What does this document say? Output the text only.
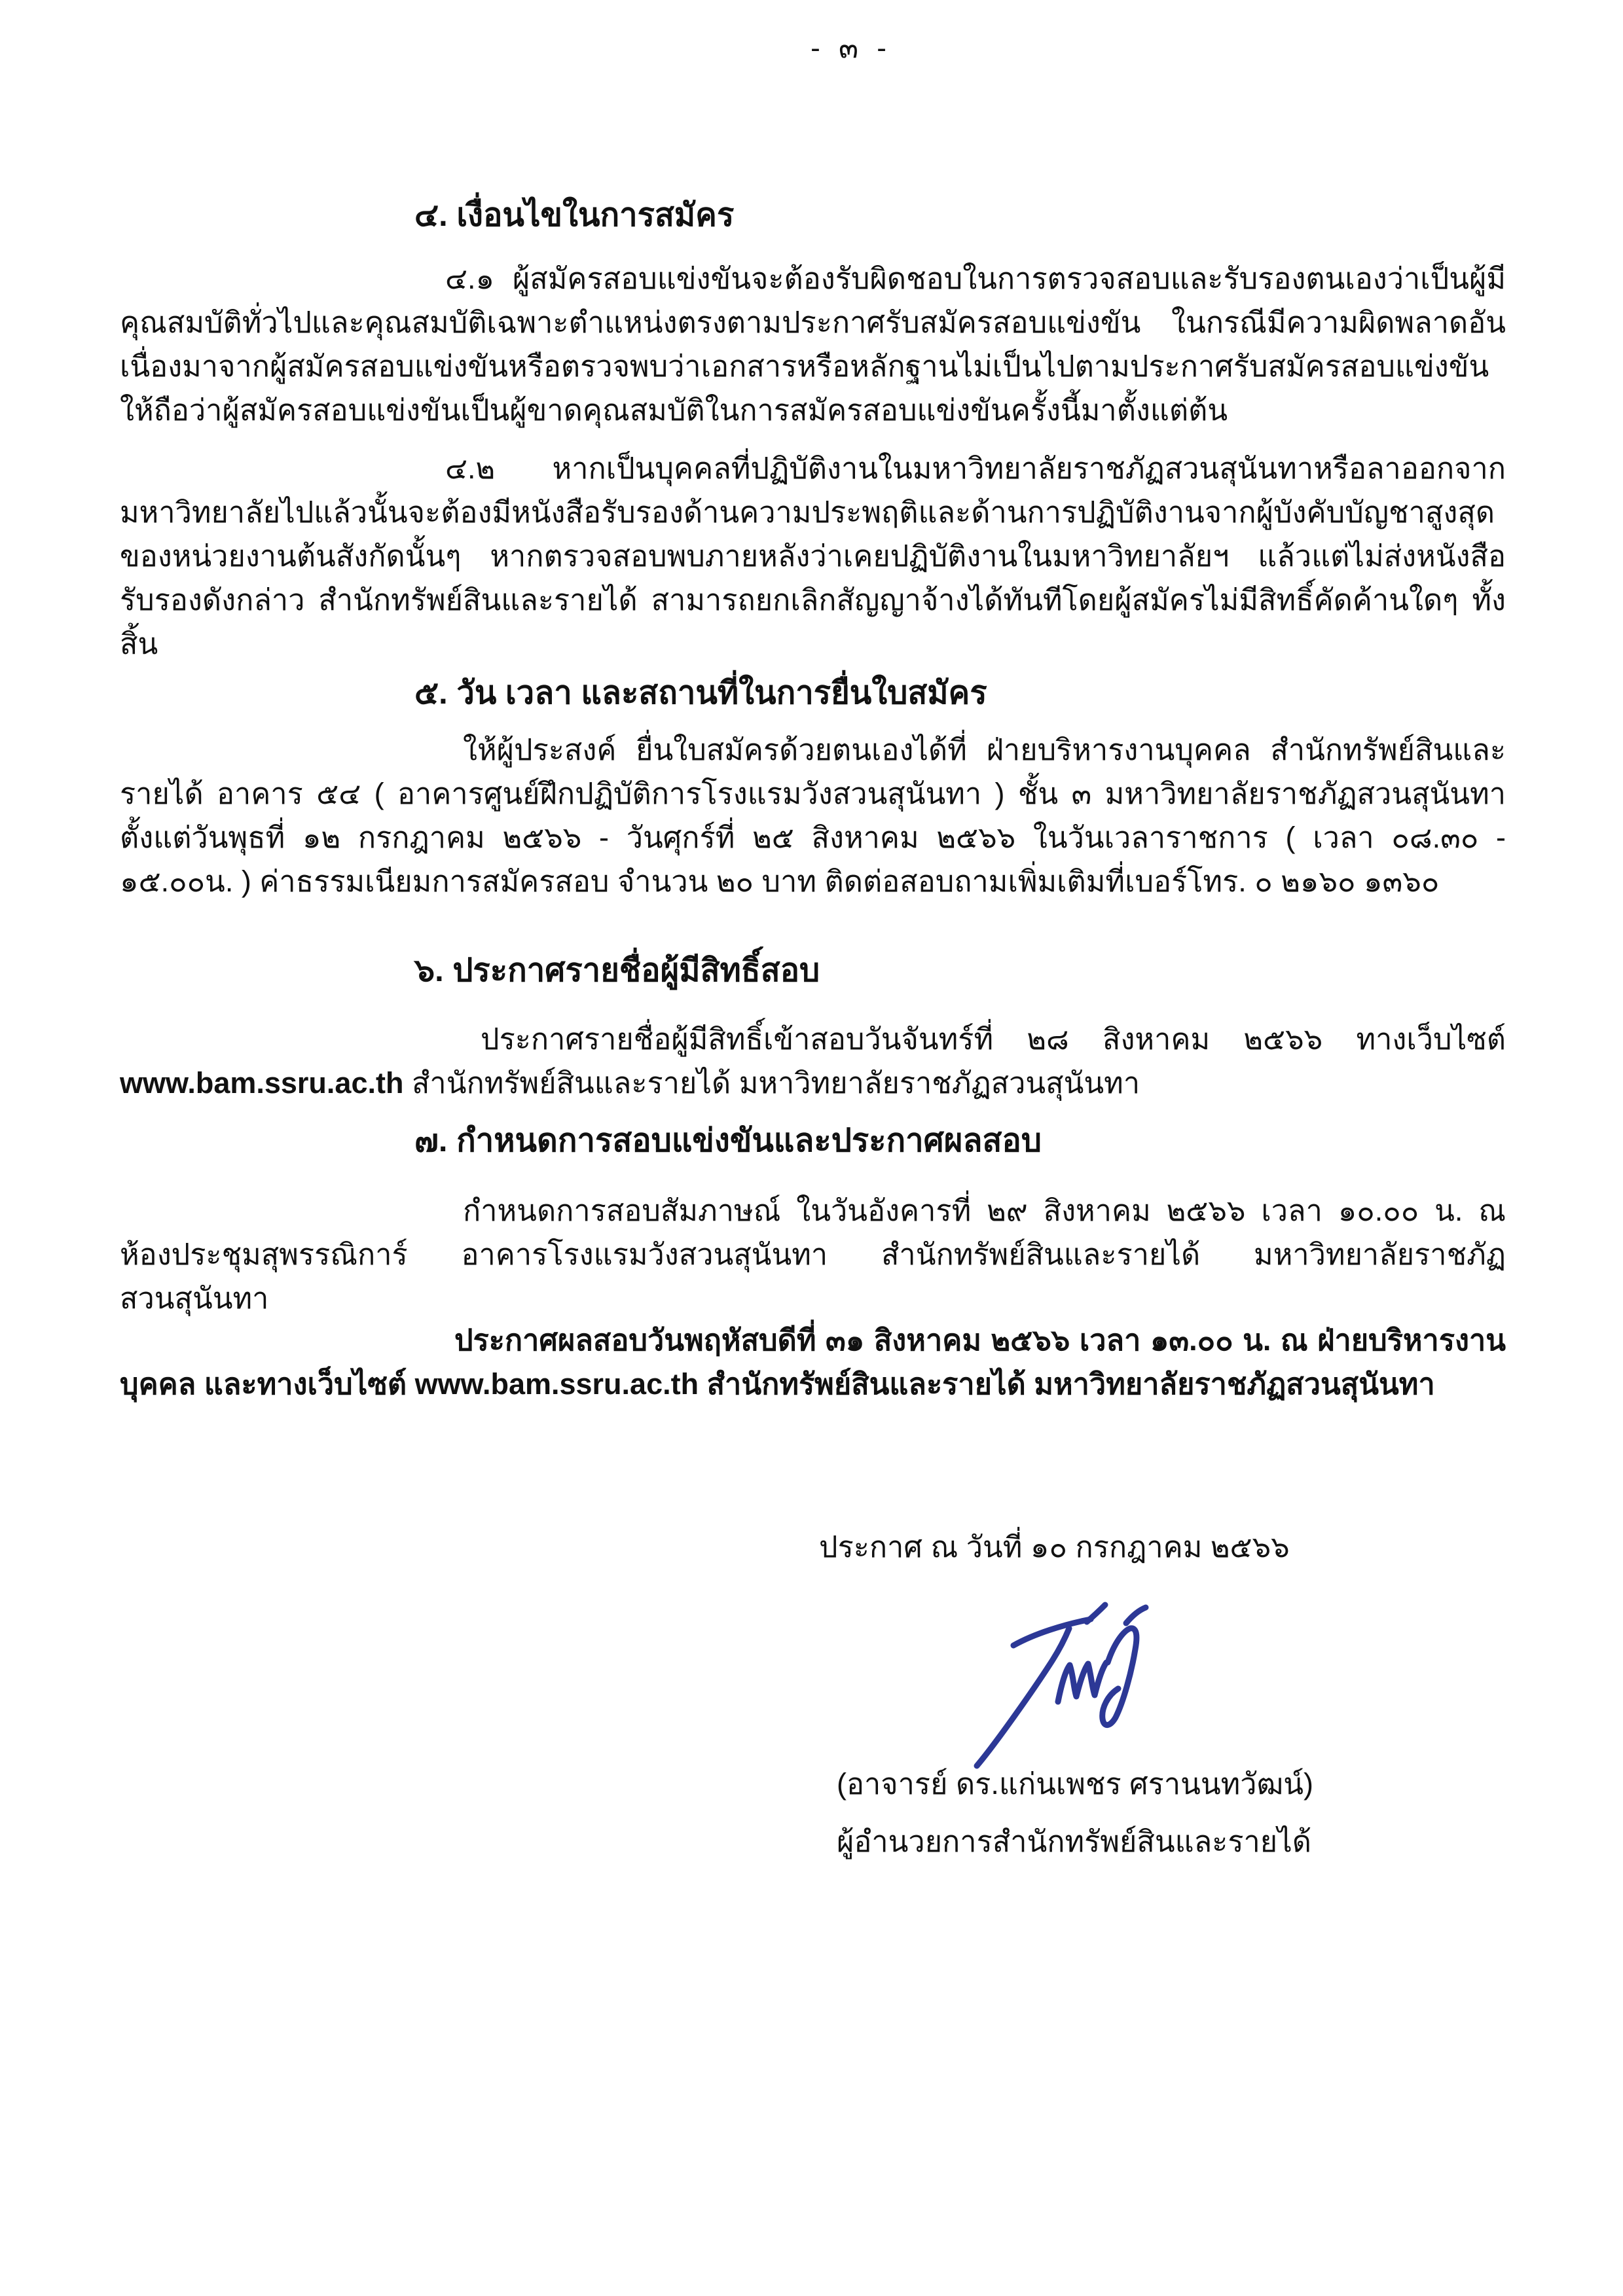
- ๓ -
๔. เงื่อนไขในการสมัคร
๔.๑ ผู้สมัครสอบแข่งขันจะต้องรับผิดชอบในการตรวจสอบและรับรองตนเองว่าเป็นผู้มีคุณสมบัติทั่วไปและคุณสมบัติเฉพาะตำแหน่งตรงตามประกาศรับสมัครสอบแข่งขัน ในกรณีมีความผิดพลาดอันเนื่องมาจากผู้สมัครสอบแข่งขันหรือตรวจพบว่าเอกสารหรือหลักฐานไม่เป็นไปตามประกาศรับสมัครสอบแข่งขันให้ถือว่าผู้สมัครสอบแข่งขันเป็นผู้ขาดคุณสมบัติในการสมัครสอบแข่งขันครั้งนี้มาตั้งแต่ต้น
๔.๒ หากเป็นบุคคลที่ปฏิบัติงานในมหาวิทยาลัยราชภัฏสวนสุนันทาหรือลาออกจากมหาวิทยาลัยไปแล้วนั้นจะต้องมีหนังสือรับรองด้านความประพฤติและด้านการปฏิบัติงานจากผู้บังคับบัญชาสูงสุดของหน่วยงานต้นสังกัดนั้นๆ หากตรวจสอบพบภายหลังว่าเคยปฏิบัติงานในมหาวิทยาลัยฯ แล้วแต่ไม่ส่งหนังสือรับรองดังกล่าว สำนักทรัพย์สินและรายได้ สามารถยกเลิกสัญญาจ้างได้ทันทีโดยผู้สมัครไม่มีสิทธิ์คัดค้านใดๆ ทั้งสิ้น
๕. วัน เวลา และสถานที่ในการยื่นใบสมัคร
ให้ผู้ประสงค์ ยื่นใบสมัครด้วยตนเองได้ที่ ฝ่ายบริหารงานบุคคล สำนักทรัพย์สินและรายได้ อาคาร ๕๔ ( อาคารศูนย์ฝึกปฏิบัติการโรงแรมวังสวนสุนันทา ) ชั้น ๓ มหาวิทยาลัยราชภัฏสวนสุนันทา ตั้งแต่วันพุธที่ ๑๒ กรกฎาคม ๒๕๖๖ - วันศุกร์ที่ ๒๕ สิงหาคม ๒๕๖๖ ในวันเวลาราชการ ( เวลา ๐๘.๓๐ - ๑๕.๐๐น. ) ค่าธรรมเนียมการสมัครสอบ จำนวน ๒๐ บาท ติดต่อสอบถามเพิ่มเติมที่เบอร์โทร. ๐ ๒๑๖๐ ๑๓๖๐
๖. ประกาศรายชื่อผู้มีสิทธิ์สอบ
ประกาศรายชื่อผู้มีสิทธิ์เข้าสอบวันจันทร์ที่ ๒๘ สิงหาคม ๒๕๖๖ ทางเว็บไซต์ www.bam.ssru.ac.th สำนักทรัพย์สินและรายได้ มหาวิทยาลัยราชภัฏสวนสุนันทา
๗. กำหนดการสอบแข่งขันและประกาศผลสอบ
กำหนดการสอบสัมภาษณ์ ในวันอังคารที่ ๒๙ สิงหาคม ๒๕๖๖ เวลา ๑๐.๐๐ น. ณ ห้องประชุมสุพรรณิการ์ อาคารโรงแรมวังสวนสุนันทา สำนักทรัพย์สินและรายได้ มหาวิทยาลัยราชภัฏสวนสุนันทา
ประกาศผลสอบวันพฤหัสบดีที่ ๓๑ สิงหาคม ๒๕๖๖ เวลา ๑๓.๐๐ น. ณ ฝ่ายบริหารงานบุคคล และทางเว็บไซต์ www.bam.ssru.ac.th สำนักทรัพย์สินและรายได้ มหาวิทยาลัยราชภัฏสวนสุนันทา
ประกาศ ณ วันที่ ๑๐ กรกฎาคม ๒๕๖๖
(อาจารย์ ดร.แก่นเพชร ศรานนทวัฒน์)
ผู้อำนวยการสำนักทรัพย์สินและรายได้
